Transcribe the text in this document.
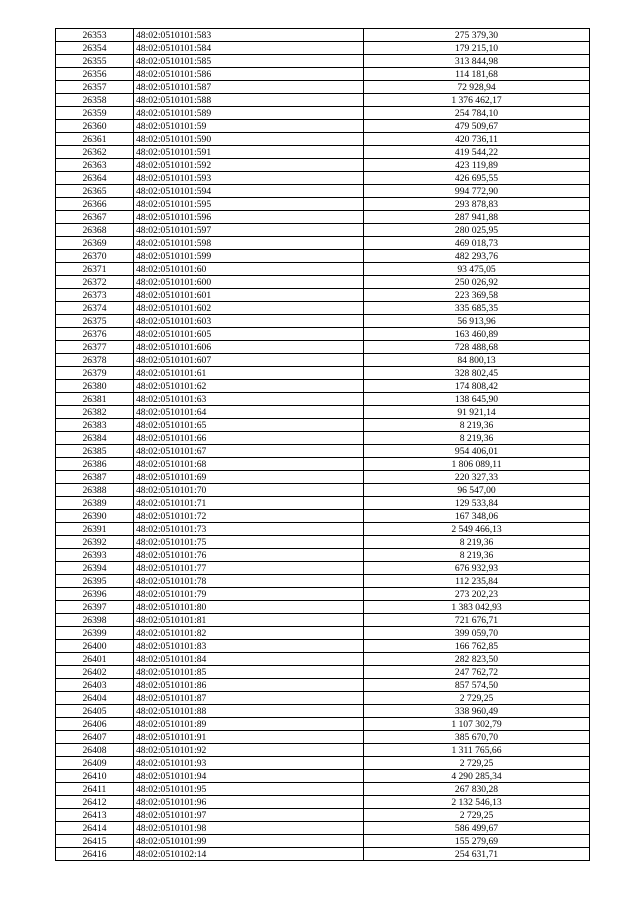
26353	48:02:0510101:583	275 379,30
26354	48:02:0510101:584	179 215,10
26355	48:02:0510101:585	313 844,98
26356	48:02:0510101:586	114 181,68
26357	48:02:0510101:587	72 928,94
26358	48:02:0510101:588	1 376 462,17
26359	48:02:0510101:589	254 784,10
26360	48:02:0510101:59	479 509,67
26361	48:02:0510101:590	420 736,11
26362	48:02:0510101:591	419 544,22
26363	48:02:0510101:592	423 119,89
26364	48:02:0510101:593	426 695,55
26365	48:02:0510101:594	994 772,90
26366	48:02:0510101:595	293 878,83
26367	48:02:0510101:596	287 941,88
26368	48:02:0510101:597	280 025,95
26369	48:02:0510101:598	469 018,73
26370	48:02:0510101:599	482 293,76
26371	48:02:0510101:60	93 475,05
26372	48:02:0510101:600	250 026,92
26373	48:02:0510101:601	223 369,58
26374	48:02:0510101:602	335 685,35
26375	48:02:0510101:603	56 913,96
26376	48:02:0510101:605	163 460,89
26377	48:02:0510101:606	728 488,68
26378	48:02:0510101:607	84 800,13
26379	48:02:0510101:61	328 802,45
26380	48:02:0510101:62	174 808,42
26381	48:02:0510101:63	138 645,90
26382	48:02:0510101:64	91 921,14
26383	48:02:0510101:65	8 219,36
26384	48:02:0510101:66	8 219,36
26385	48:02:0510101:67	954 406,01
26386	48:02:0510101:68	1 806 089,11
26387	48:02:0510101:69	220 327,33
26388	48:02:0510101:70	96 547,00
26389	48:02:0510101:71	129 533,84
26390	48:02:0510101:72	167 348,06
26391	48:02:0510101:73	2 549 466,13
26392	48:02:0510101:75	8 219,36
26393	48:02:0510101:76	8 219,36
26394	48:02:0510101:77	676 932,93
26395	48:02:0510101:78	112 235,84
26396	48:02:0510101:79	273 202,23
26397	48:02:0510101:80	1 383 042,93
26398	48:02:0510101:81	721 676,71
26399	48:02:0510101:82	399 059,70
26400	48:02:0510101:83	166 762,85
26401	48:02:0510101:84	282 823,50
26402	48:02:0510101:85	247 762,72
26403	48:02:0510101:86	857 574,50
26404	48:02:0510101:87	2 729,25
26405	48:02:0510101:88	338 960,49
26406	48:02:0510101:89	1 107 302,79
26407	48:02:0510101:91	385 670,70
26408	48:02:0510101:92	1 311 765,66
26409	48:02:0510101:93	2 729,25
26410	48:02:0510101:94	4 290 285,34
26411	48:02:0510101:95	267 830,28
26412	48:02:0510101:96	2 132 546,13
26413	48:02:0510101:97	2 729,25
26414	48:02:0510101:98	586 499,67
26415	48:02:0510101:99	155 279,69
26416	48:02:0510102:14	254 631,71
